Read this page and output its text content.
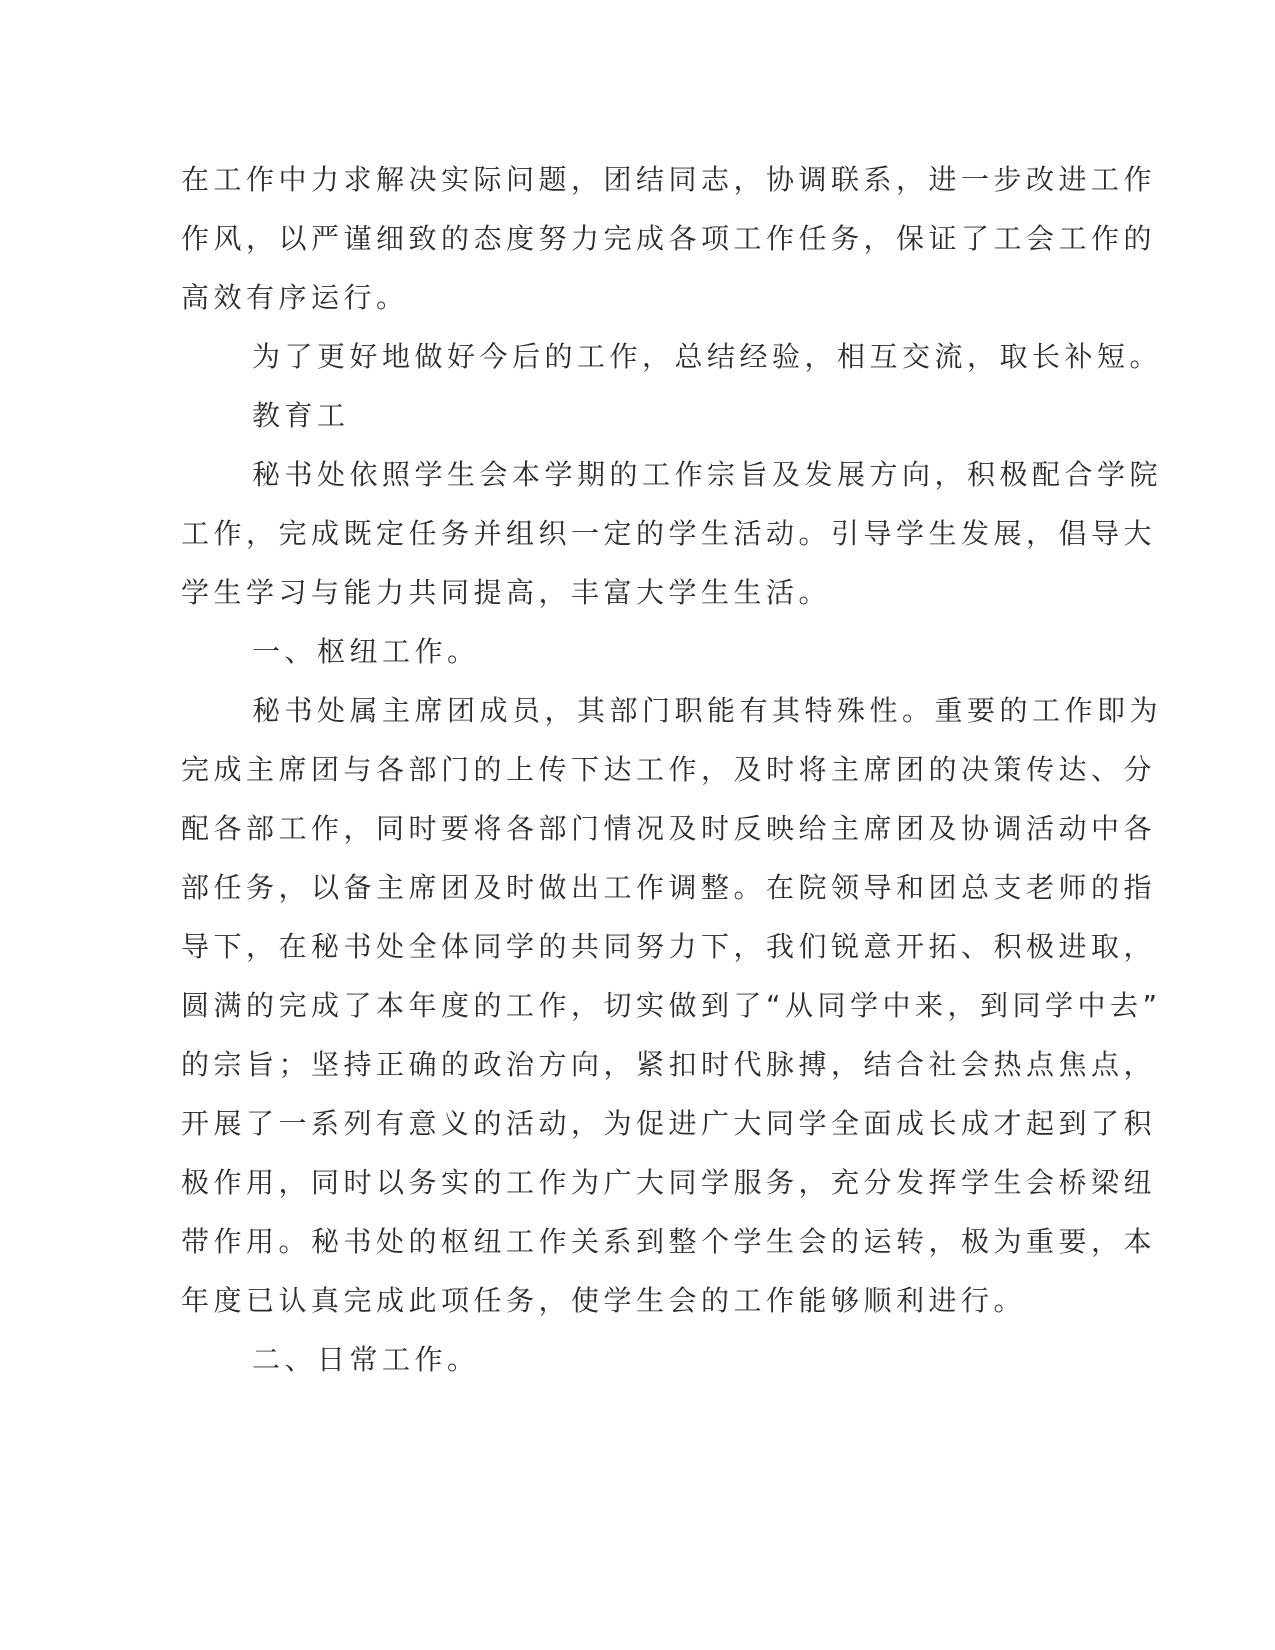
在工作中力求解决实际问题，团结同志，协调联系，进一步改进工作
作风，以严谨细致的态度努力完成各项工作任务，保证了工会工作的
高效有序运行。
为了更好地做好今后的工作，总结经验，相互交流，取长补短。
教育工
秘书处依照学生会本学期的工作宗旨及发展方向，积极配合学院
工作，完成既定任务并组织一定的学生活动。引导学生发展，倡导大
学生学习与能力共同提高，丰富大学生生活。
一、枢纽工作。
秘书处属主席团成员，其部门职能有其特殊性。重要的工作即为
完成主席团与各部门的上传下达工作，及时将主席团的决策传达、分
配各部工作，同时要将各部门情况及时反映给主席团及协调活动中各
部任务，以备主席团及时做出工作调整。在院领导和团总支老师的指
导下，在秘书处全体同学的共同努力下，我们锐意开拓、积极进取，
圆满的完成了本年度的工作，切实做到了“从同学中来，到同学中去”
的宗旨；坚持正确的政治方向，紧扣时代脉搏，结合社会热点焦点，
开展了一系列有意义的活动，为促进广大同学全面成长成才起到了积
极作用，同时以务实的工作为广大同学服务，充分发挥学生会桥梁纽
带作用。秘书处的枢纽工作关系到整个学生会的运转，极为重要，本
年度已认真完成此项任务，使学生会的工作能够顺利进行。
二、日常工作。
